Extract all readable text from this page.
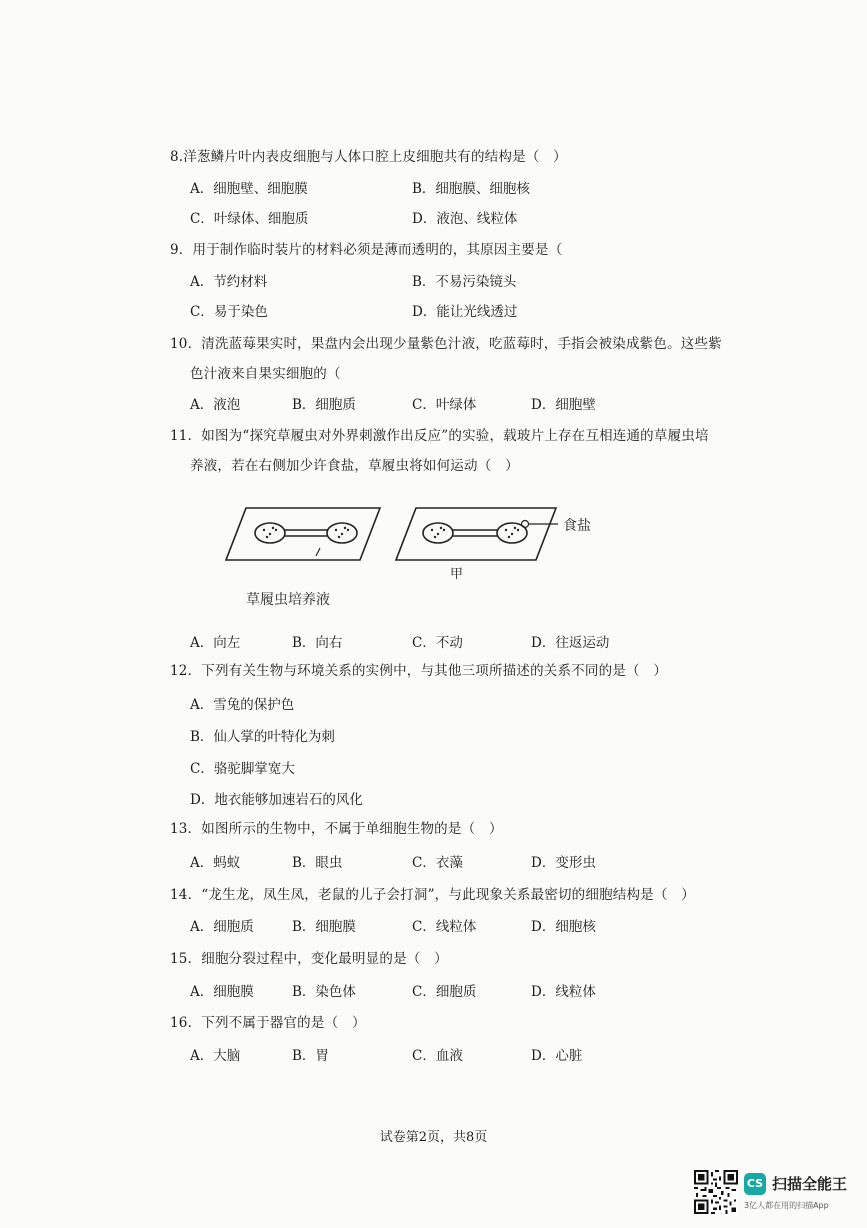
8.洋葱鳞片叶内表皮细胞与人体口腔上皮细胞共有的结构是（　）
A．细胞壁、细胞膜	B．细胞膜、细胞核
C．叶绿体、细胞质	D．液泡、线粒体
9．用于制作临时装片的材料必须是薄而透明的，其原因主要是（
A．节约材料	B．不易污染镜头
C．易于染色	D．能让光线透过
10．清洗蓝莓果实时，果盘内会出现少量紫色汁液，吃蓝莓时，手指会被染成紫色。这些紫
色汁液来自果实细胞的（
A．液泡	B．细胞质	C．叶绿体	D．细胞壁
11．如图为“探究草履虫对外界刺激作出反应”的实验，载玻片上存在互相连通的草履虫培
养液，若在右侧加少许食盐，草履虫将如何运动（　）
食盐
甲
草履虫培养液
A．向左	B．向右	C．不动	D．往返运动
12．下列有关生物与环境关系的实例中，与其他三项所描述的关系不同的是（　）
A．雪兔的保护色
B．仙人掌的叶特化为刺
C．骆驼脚掌宽大
D．地衣能够加速岩石的风化
13．如图所示的生物中，不属于单细胞生物的是（　）
A．蚂蚁	B．眼虫	C．衣藻	D．变形虫
14．“龙生龙，凤生凤，老鼠的儿子会打洞”，与此现象关系最密切的细胞结构是（　）
A．细胞质	B．细胞膜	C．线粒体	D．细胞核
15．细胞分裂过程中，变化最明显的是（　）
A．细胞膜	B．染色体	C．细胞质	D．线粒体
16．下列不属于器官的是（　）
A．大脑	B．胃	C．血液	D．心脏
试卷第2页，共8页
CS 扫描全能王
3亿人都在用的扫描App
